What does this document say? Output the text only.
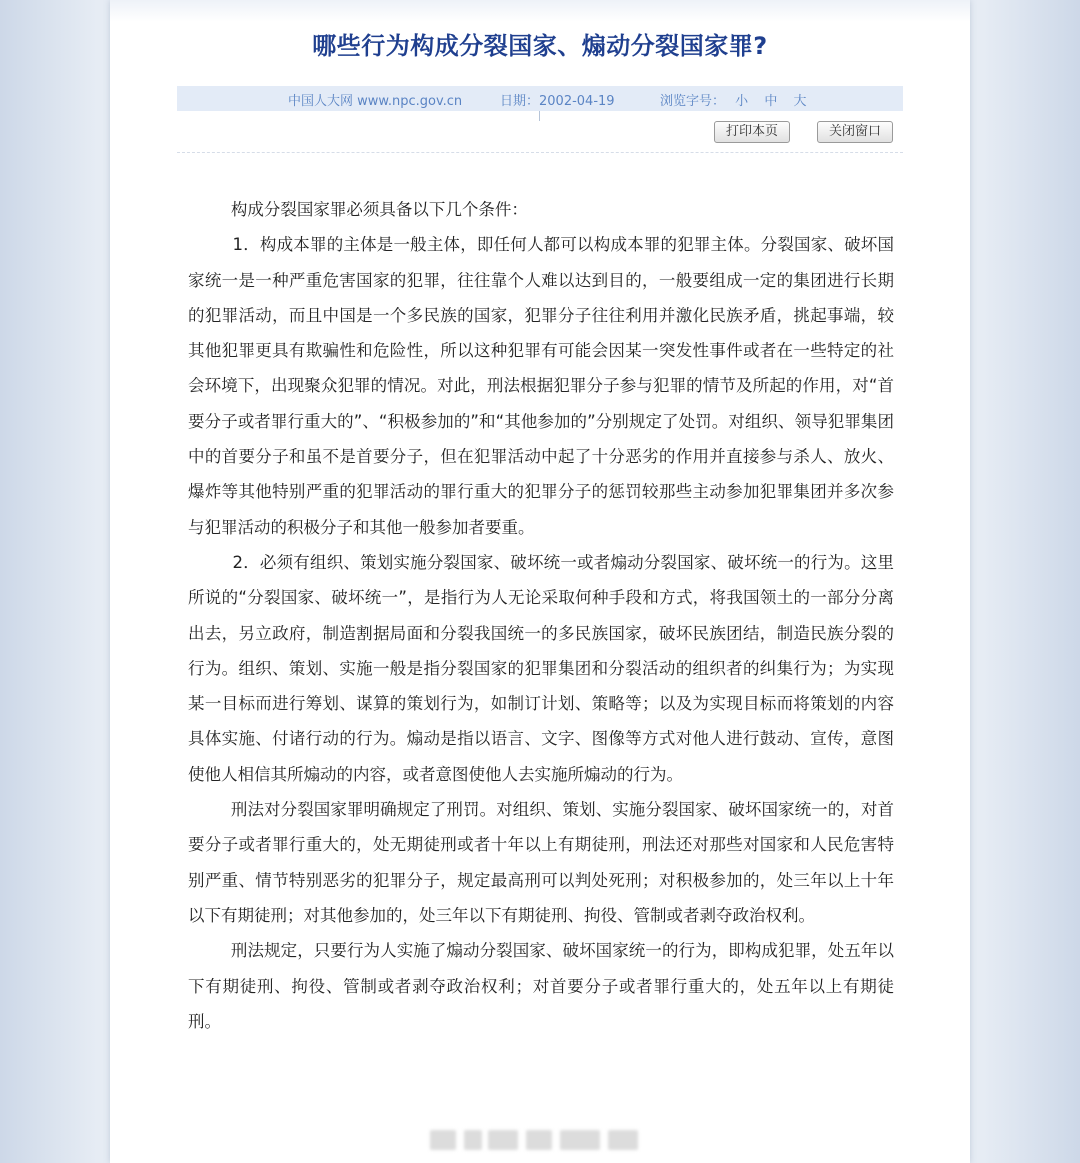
哪些行为构成分裂国家、煽动分裂国家罪?
中国人大网 www.npc.gov.cn	日期：2002-04-19	浏览字号： 小 中 大
打印本页	关闭窗口

构成分裂国家罪必须具备以下几个条件：

1．构成本罪的主体是一般主体，即任何人都可以构成本罪的犯罪主体。分裂国家、破坏国家统一是一种严重危害国家的犯罪，往往靠个人难以达到目的，一般要组成一定的集团进行长期的犯罪活动，而且中国是一个多民族的国家，犯罪分子往往利用并激化民族矛盾，挑起事端，较其他犯罪更具有欺骗性和危险性，所以这种犯罪有可能会因某一突发性事件或者在一些特定的社会环境下，出现聚众犯罪的情况。对此，刑法根据犯罪分子参与犯罪的情节及所起的作用，对“首要分子或者罪行重大的”、“积极参加的”和“其他参加的”分别规定了处罚。对组织、领导犯罪集团中的首要分子和虽不是首要分子，但在犯罪活动中起了十分恶劣的作用并直接参与杀人、放火、爆炸等其他特别严重的犯罪活动的罪行重大的犯罪分子的惩罚较那些主动参加犯罪集团并多次参与犯罪活动的积极分子和其他一般参加者要重。

2．必须有组织、策划实施分裂国家、破坏统一或者煽动分裂国家、破坏统一的行为。这里所说的“分裂国家、破坏统一”，是指行为人无论采取何种手段和方式，将我国领土的一部分分离出去，另立政府，制造割据局面和分裂我国统一的多民族国家，破坏民族团结，制造民族分裂的行为。组织、策划、实施一般是指分裂国家的犯罪集团和分裂活动的组织者的纠集行为；为实现某一目标而进行筹划、谋算的策划行为，如制订计划、策略等；以及为实现目标而将策划的内容具体实施、付诸行动的行为。煽动是指以语言、文字、图像等方式对他人进行鼓动、宣传，意图使他人相信其所煽动的内容，或者意图使他人去实施所煽动的行为。

刑法对分裂国家罪明确规定了刑罚。对组织、策划、实施分裂国家、破坏国家统一的，对首要分子或者罪行重大的，处无期徒刑或者十年以上有期徒刑，刑法还对那些对国家和人民危害特别严重、情节特别恶劣的犯罪分子，规定最高刑可以判处死刑；对积极参加的，处三年以上十年以下有期徒刑；对其他参加的，处三年以下有期徒刑、拘役、管制或者剥夺政治权利。

刑法规定，只要行为人实施了煽动分裂国家、破坏国家统一的行为，即构成犯罪，处五年以下有期徒刑、拘役、管制或者剥夺政治权利；对首要分子或者罪行重大的，处五年以上有期徒刑。
